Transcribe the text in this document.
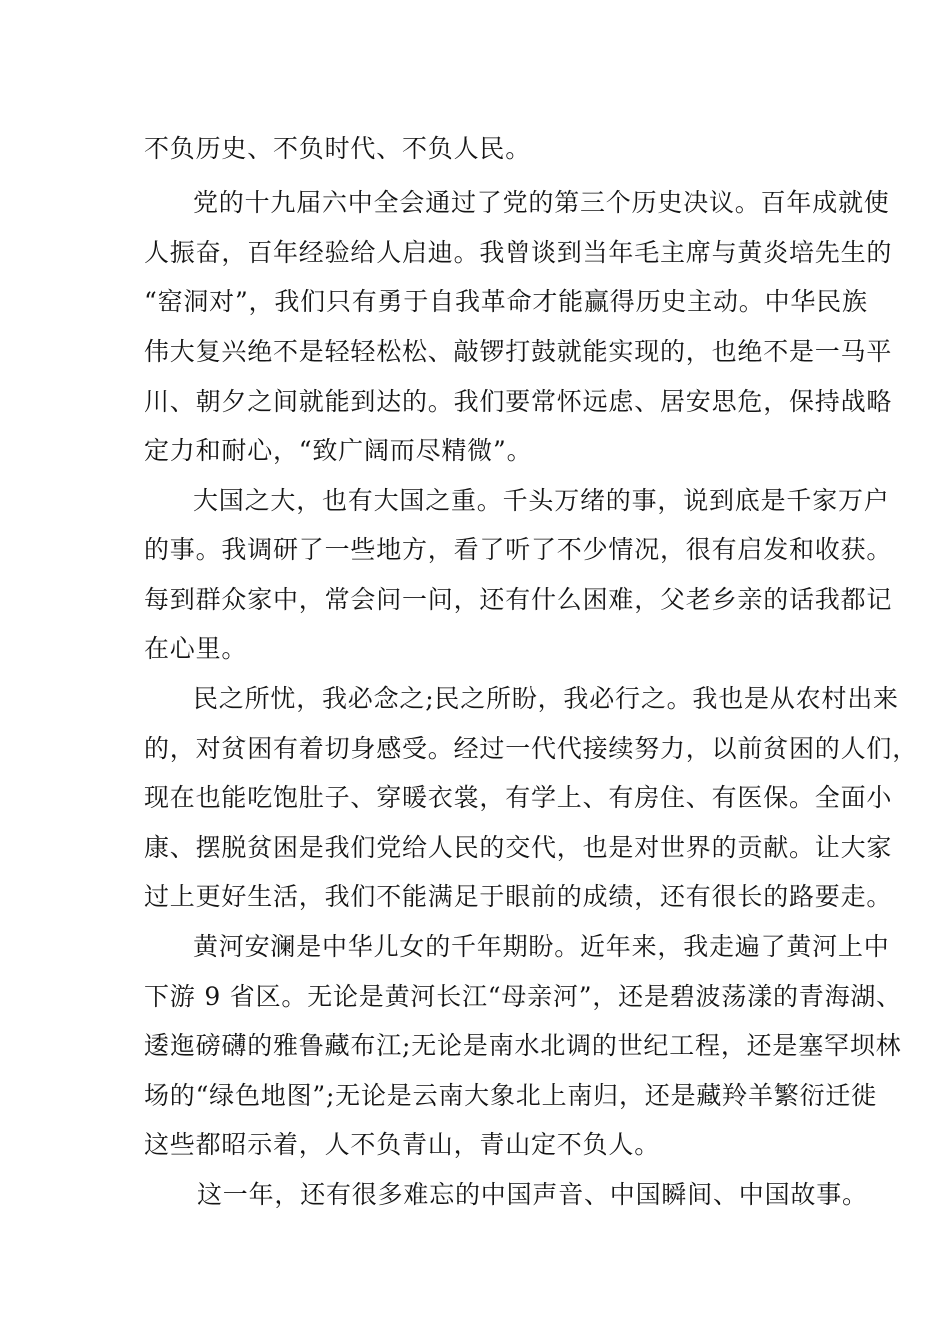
不负历史、不负时代、不负人民。

党的十九届六中全会通过了党的第三个历史决议。百年成就使

人振奋，百年经验给人启迪。我曾谈到当年毛主席与黄炎培先生的

“窑洞对”，我们只有勇于自我革命才能赢得历史主动。中华民族

伟大复兴绝不是轻轻松松、敲锣打鼓就能实现的，也绝不是一马平

川、朝夕之间就能到达的。我们要常怀远虑、居安思危，保持战略

定力和耐心，“致广阔而尽精微”。

大国之大，也有大国之重。千头万绪的事，说到底是千家万户

的事。我调研了一些地方，看了听了不少情况，很有启发和收获。

每到群众家中，常会问一问，还有什么困难，父老乡亲的话我都记

在心里。

民之所忧，我必念之;民之所盼，我必行之。我也是从农村出来

的，对贫困有着切身感受。经过一代代接续努力，以前贫困的人们，

现在也能吃饱肚子、穿暖衣裳，有学上、有房住、有医保。全面小

康、摆脱贫困是我们党给人民的交代，也是对世界的贡献。让大家

过上更好生活，我们不能满足于眼前的成绩，还有很长的路要走。

黄河安澜是中华儿女的千年期盼。近年来，我走遍了黄河上中

下游 9 省区。无论是黄河长江“母亲河”，还是碧波荡漾的青海湖、

逶迤磅礴的雅鲁藏布江;无论是南水北调的世纪工程，还是塞罕坝林

场的“绿色地图”;无论是云南大象北上南归，还是藏羚羊繁衍迁徙

这些都昭示着，人不负青山，青山定不负人。

这一年，还有很多难忘的中国声音、中国瞬间、中国故事。
